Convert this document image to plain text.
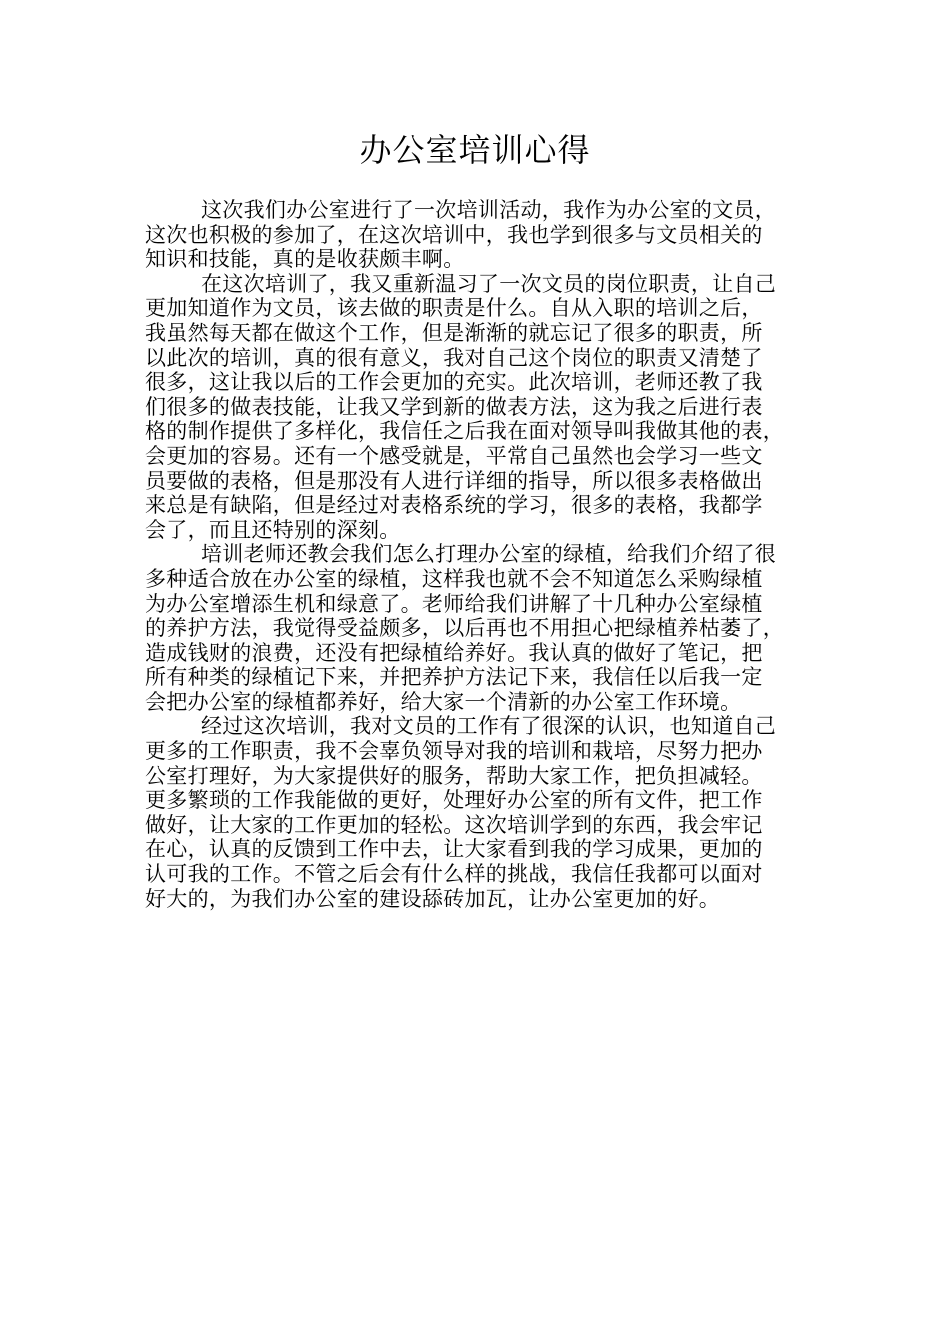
办公室培训心得
这次我们办公室进行了一次培训活动，我作为办公室的文员，
这次也积极的参加了，在这次培训中，我也学到很多与文员相关的
知识和技能，真的是收获颇丰啊。
在这次培训了，我又重新温习了一次文员的岗位职责，让自己
更加知道作为文员，该去做的职责是什么。自从入职的培训之后，
我虽然每天都在做这个工作，但是渐渐的就忘记了很多的职责，所
以此次的培训，真的很有意义，我对自己这个岗位的职责又清楚了
很多，这让我以后的工作会更加的充实。此次培训，老师还教了我
们很多的做表技能，让我又学到新的做表方法，这为我之后进行表
格的制作提供了多样化，我信任之后我在面对领导叫我做其他的表，
会更加的容易。还有一个感受就是，平常自己虽然也会学习一些文
员要做的表格，但是那没有人进行详细的指导，所以很多表格做出
来总是有缺陷，但是经过对表格系统的学习，很多的表格，我都学
会了，而且还特别的深刻。
培训老师还教会我们怎么打理办公室的绿植，给我们介绍了很
多种适合放在办公室的绿植，这样我也就不会不知道怎么采购绿植
为办公室增添生机和绿意了。老师给我们讲解了十几种办公室绿植
的养护方法，我觉得受益颇多，以后再也不用担心把绿植养枯萎了，
造成钱财的浪费，还没有把绿植给养好。我认真的做好了笔记，把
所有种类的绿植记下来，并把养护方法记下来，我信任以后我一定
会把办公室的绿植都养好，给大家一个清新的办公室工作环境。
经过这次培训，我对文员的工作有了很深的认识，也知道自己
更多的工作职责，我不会辜负领导对我的培训和栽培，尽努力把办
公室打理好，为大家提供好的服务，帮助大家工作，把负担减轻。
更多繁琐的工作我能做的更好，处理好办公室的所有文件，把工作
做好，让大家的工作更加的轻松。这次培训学到的东西，我会牢记
在心，认真的反馈到工作中去，让大家看到我的学习成果，更加的
认可我的工作。不管之后会有什么样的挑战，我信任我都可以面对
好大的，为我们办公室的建设舔砖加瓦，让办公室更加的好。
